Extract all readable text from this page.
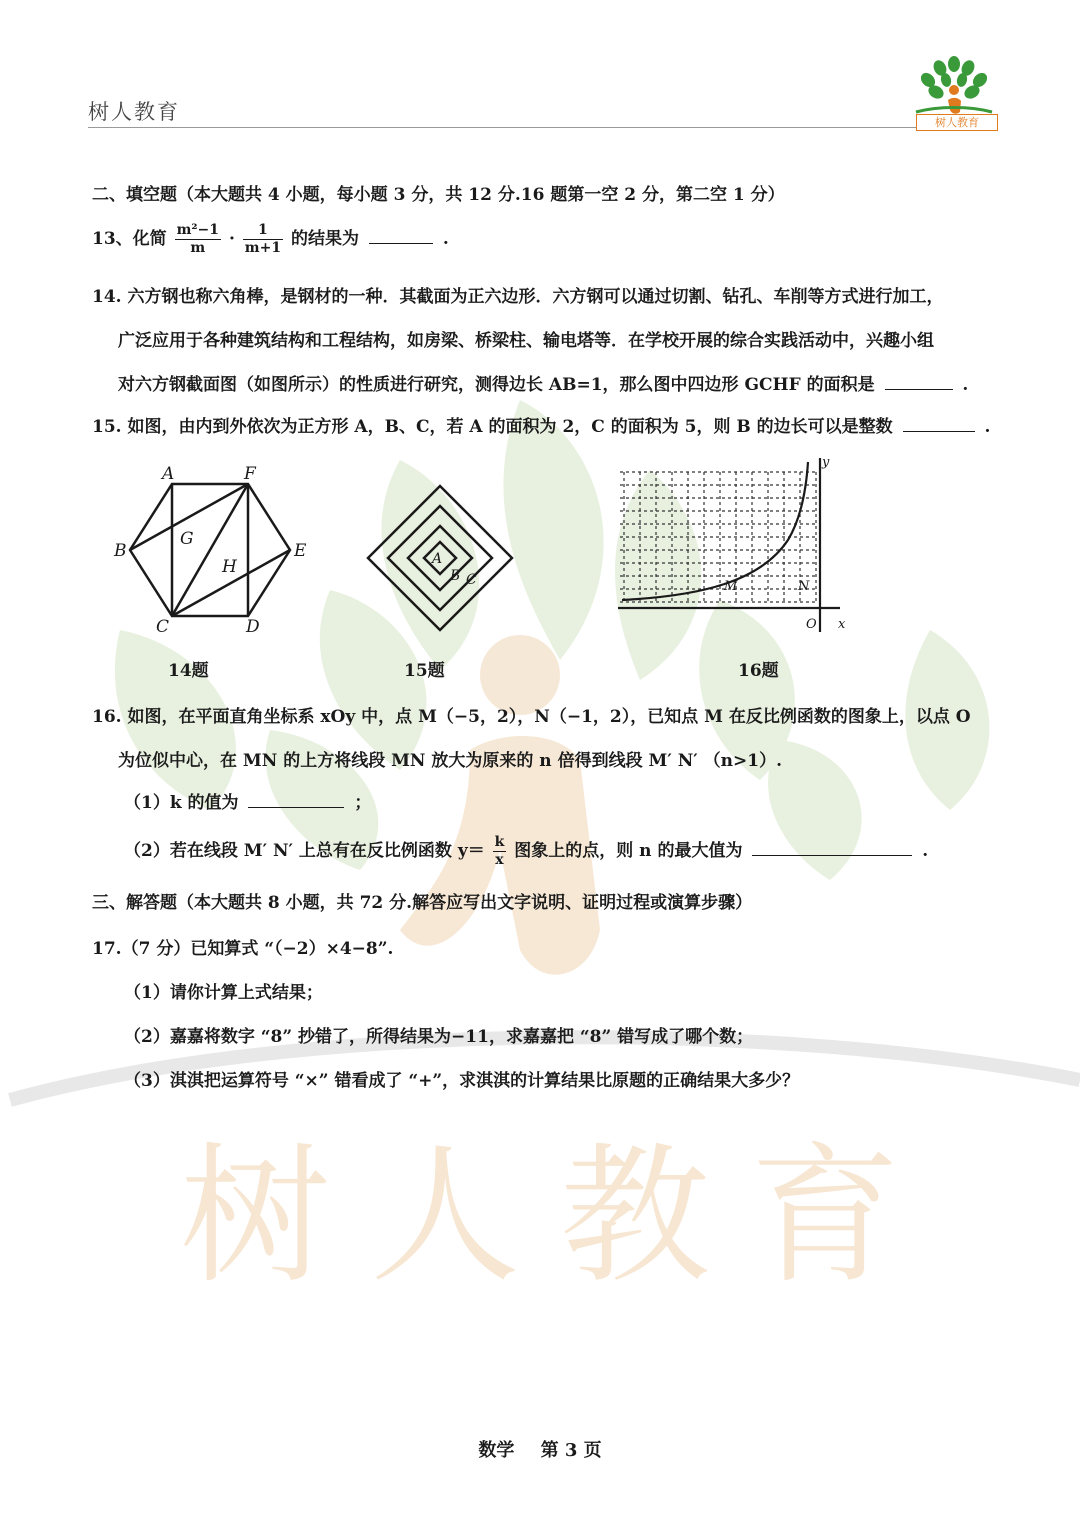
树人教育
树人教育	树人教育
二、填空题（本大题共 4 小题，每小题 3 分，共 12 分.16 题第一空 2 分，第二空 1 分）
13、化简 $\frac{\text{m²−1}}{m} \cdot \frac{1}{m+1}$ 的结果为	.
14. 六方钢也称六角棒，是钢材的一种．其截面为正六边形．六方钢可以通过切割、钻孔、车削等方式进行加工，
广泛应用于各种建筑结构和工程结构，如房梁、桥梁柱、输电塔等．在学校开展的综合实践活动中，兴趣小组
对六方钢截面图（如图所示）的性质进行研究，测得边长 AB=1，那么图中四边形 GCHF 的面积是	.
15. 如图，由内到外依次为正方形 A，B、C，若 A 的面积为 2，C 的面积为 5，则 B 的边长可以是整数	.
A	F
B	E
C	D
G
H
14题
A
B C
15题
y
O x
M	N
16题
16. 如图，在平面直角坐标系 xOy 中，点 M（−5，2），N（−1，2），已知点 M 在反比例函数的图象上，以点 O
为位似中心，在 MN 的上方将线段 MN 放大为原来的 n 倍得到线段 M′ N′ （n>1）.
（1）k 的值为	；
（2）若在线段 M′ N′ 上总有在反比例函数 $y= \frac{k}{x}$ 图象上的点，则 n 的最大值为	.
三、解答题（本大题共 8 小题，共 72 分.解答应写出文字说明、证明过程或演算步骤）
17.（7 分）已知算式 “（−2）×4−8”.
（1）请你计算上式结果；
（2）嘉嘉将数字 “8” 抄错了，所得结果为−11，求嘉嘉把 “8” 错写成了哪个数；
（3）淇淇把运算符号 “×” 错看成了 “+”，求淇淇的计算结果比原题的正确结果大多少？
数学 第 3 页
